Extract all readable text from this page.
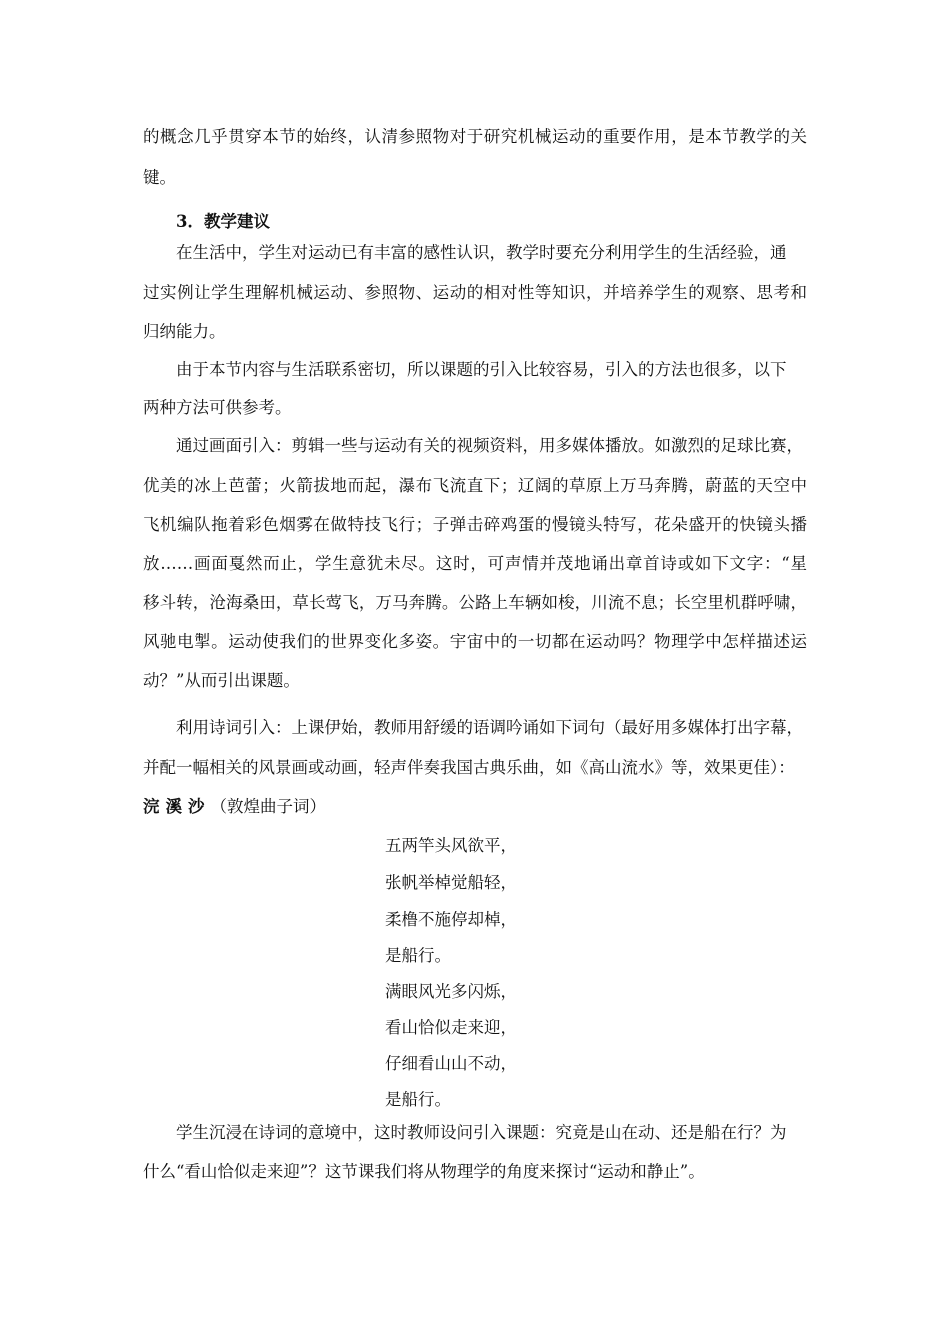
的概念几乎贯穿本节的始终，认清参照物对于研究机械运动的重要作用，是本节教学的关
键。
3．教学建议
在生活中，学生对运动已有丰富的感性认识，教学时要充分利用学生的生活经验，通
过实例让学生理解机械运动、参照物、运动的相对性等知识，并培养学生的观察、思考和
归纳能力。
由于本节内容与生活联系密切，所以课题的引入比较容易，引入的方法也很多，以下
两种方法可供参考。
通过画面引入：剪辑一些与运动有关的视频资料，用多媒体播放。如激烈的足球比赛，
优美的冰上芭蕾；火箭拔地而起，瀑布飞流直下；辽阔的草原上万马奔腾，蔚蓝的天空中
飞机编队拖着彩色烟雾在做特技飞行；子弹击碎鸡蛋的慢镜头特写，花朵盛开的快镜头播
放……画面戛然而止，学生意犹未尽。这时，可声情并茂地诵出章首诗或如下文字：“星
移斗转，沧海桑田，草长莺飞，万马奔腾。公路上车辆如梭，川流不息；长空里机群呼啸，
风驰电掣。运动使我们的世界变化多姿。宇宙中的一切都在运动吗？物理学中怎样描述运
动？”从而引出课题。
利用诗词引入：上课伊始，教师用舒缓的语调吟诵如下词句（最好用多媒体打出字幕，
并配一幅相关的风景画或动画，轻声伴奏我国古典乐曲，如《高山流水》等，效果更佳）：
浣溪沙（敦煌曲子词）
五两竿头风欲平，
张帆举棹觉船轻，
柔橹不施停却棹，
是船行。
满眼风光多闪烁，
看山恰似走来迎，
仔细看山山不动，
是船行。
学生沉浸在诗词的意境中，这时教师设问引入课题：究竟是山在动、还是船在行？为
什么“看山恰似走来迎”？这节课我们将从物理学的角度来探讨“运动和静止”。
